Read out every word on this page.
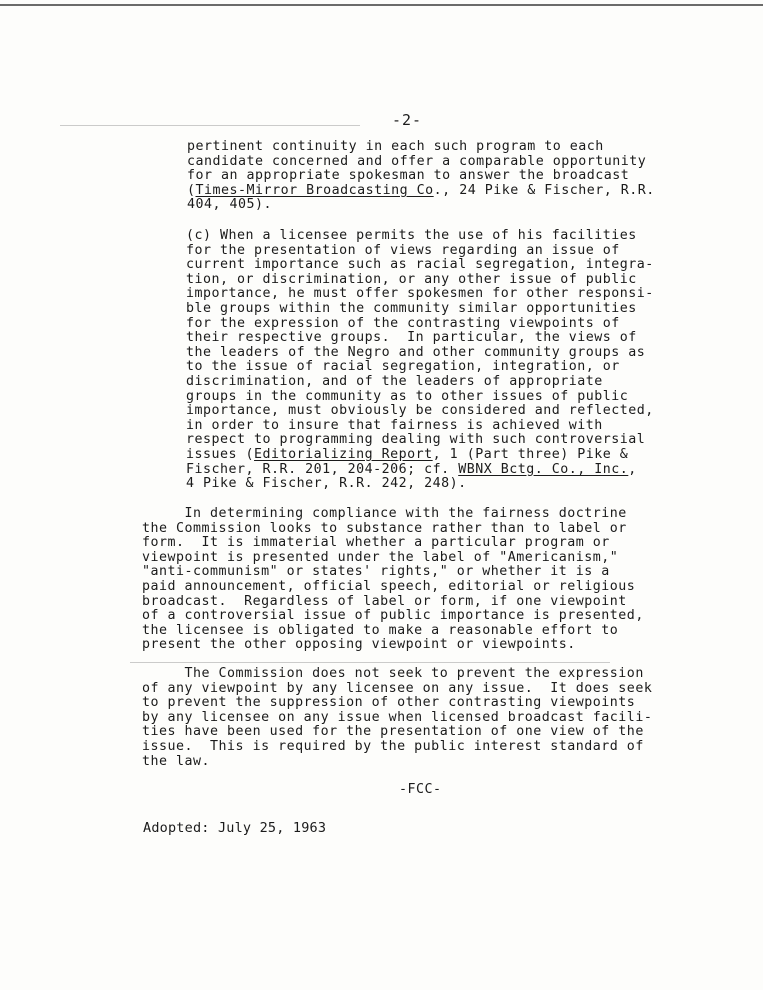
-2-
pertinent continuity in each such program to each
candidate concerned and offer a comparable opportunity
for an appropriate spokesman to answer the broadcast
(Times-Mirror Broadcasting Co., 24 Pike & Fischer, R.R.
404, 405).
(c) When a licensee permits the use of his facilities
for the presentation of views regarding an issue of
current importance such as racial segregation, integra-
tion, or discrimination, or any other issue of public
importance, he must offer spokesmen for other responsi-
ble groups within the community similar opportunities
for the expression of the contrasting viewpoints of
their respective groups.  In particular, the views of
the leaders of the Negro and other community groups as
to the issue of racial segregation, integration, or
discrimination, and of the leaders of appropriate
groups in the community as to other issues of public
importance, must obviously be considered and reflected,
in order to insure that fairness is achieved with
respect to programming dealing with such controversial
issues (Editorializing Report, 1 (Part three) Pike &
Fischer, R.R. 201, 204-206; cf. WBNX Bctg. Co., Inc.,
4 Pike & Fischer, R.R. 242, 248).
In determining compliance with the fairness doctrine
the Commission looks to substance rather than to label or
form.  It is immaterial whether a particular program or
viewpoint is presented under the label of "Americanism,"
"anti-communism" or states' rights," or whether it is a
paid announcement, official speech, editorial or religious
broadcast.  Regardless of label or form, if one viewpoint
of a controversial issue of public importance is presented,
the licensee is obligated to make a reasonable effort to
present the other opposing viewpoint or viewpoints.
The Commission does not seek to prevent the expression
of any viewpoint by any licensee on any issue.  It does seek
to prevent the suppression of other contrasting viewpoints
by any licensee on any issue when licensed broadcast facili-
ties have been used for the presentation of one view of the
issue.  This is required by the public interest standard of
the law.
-FCC-
Adopted: July 25, 1963
